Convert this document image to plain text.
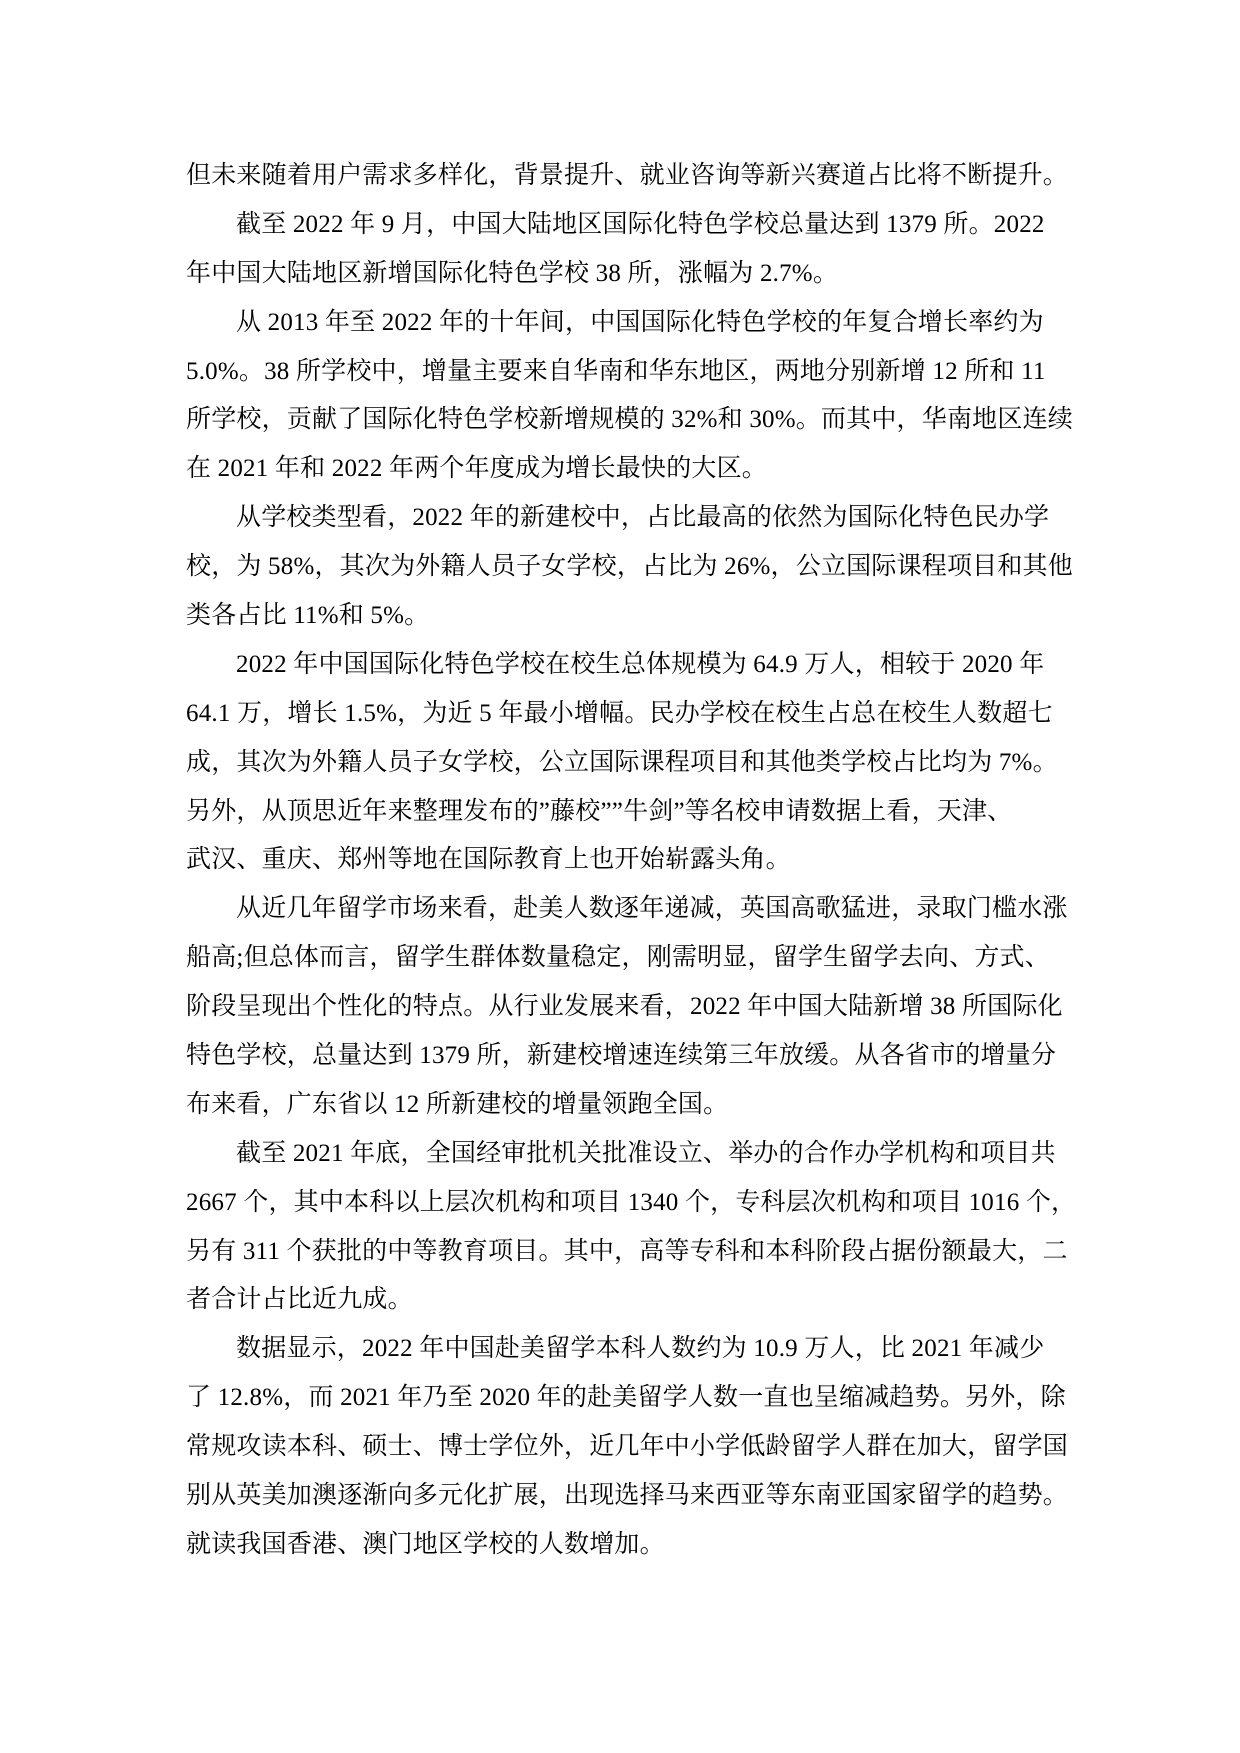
但未来随着用户需求多样化，背景提升、就业咨询等新兴赛道占比将不断提升。
截至 2022 年 9 月，中国大陆地区国际化特色学校总量达到 1379 所。2022
年中国大陆地区新增国际化特色学校 38 所，涨幅为 2.7%。
从 2013 年至 2022 年的十年间，中国国际化特色学校的年复合增长率约为
5.0%。38 所学校中，增量主要来自华南和华东地区，两地分别新增 12 所和 11
所学校，贡献了国际化特色学校新增规模的 32%和 30%。而其中，华南地区连续
在 2021 年和 2022 年两个年度成为增长最快的大区。
从学校类型看，2022 年的新建校中，占比最高的依然为国际化特色民办学
校，为 58%，其次为外籍人员子女学校，占比为 26%，公立国际课程项目和其他
类各占比 11%和 5%。
2022 年中国国际化特色学校在校生总体规模为 64.9 万人，相较于 2020 年
64.1 万，增长 1.5%，为近 5 年最小增幅。民办学校在校生占总在校生人数超七
成，其次为外籍人员子女学校，公立国际课程项目和其他类学校占比均为 7%。
另外，从顶思近年来整理发布的”藤校””牛剑”等名校申请数据上看，天津、
武汉、重庆、郑州等地在国际教育上也开始崭露头角。
从近几年留学市场来看，赴美人数逐年递减，英国高歌猛进，录取门槛水涨
船高;但总体而言，留学生群体数量稳定，刚需明显，留学生留学去向、方式、
阶段呈现出个性化的特点。从行业发展来看，2022 年中国大陆新增 38 所国际化
特色学校，总量达到 1379 所，新建校增速连续第三年放缓。从各省市的增量分
布来看，广东省以 12 所新建校的增量领跑全国。
截至 2021 年底，全国经审批机关批准设立、举办的合作办学机构和项目共
2667 个，其中本科以上层次机构和项目 1340 个，专科层次机构和项目 1016 个，
另有 311 个获批的中等教育项目。其中，高等专科和本科阶段占据份额最大，二
者合计占比近九成。
数据显示，2022 年中国赴美留学本科人数约为 10.9 万人，比 2021 年减少
了 12.8%，而 2021 年乃至 2020 年的赴美留学人数一直也呈缩减趋势。另外，除
常规攻读本科、硕士、博士学位外，近几年中小学低龄留学人群在加大，留学国
别从英美加澳逐渐向多元化扩展，出现选择马来西亚等东南亚国家留学的趋势。
就读我国香港、澳门地区学校的人数增加。
